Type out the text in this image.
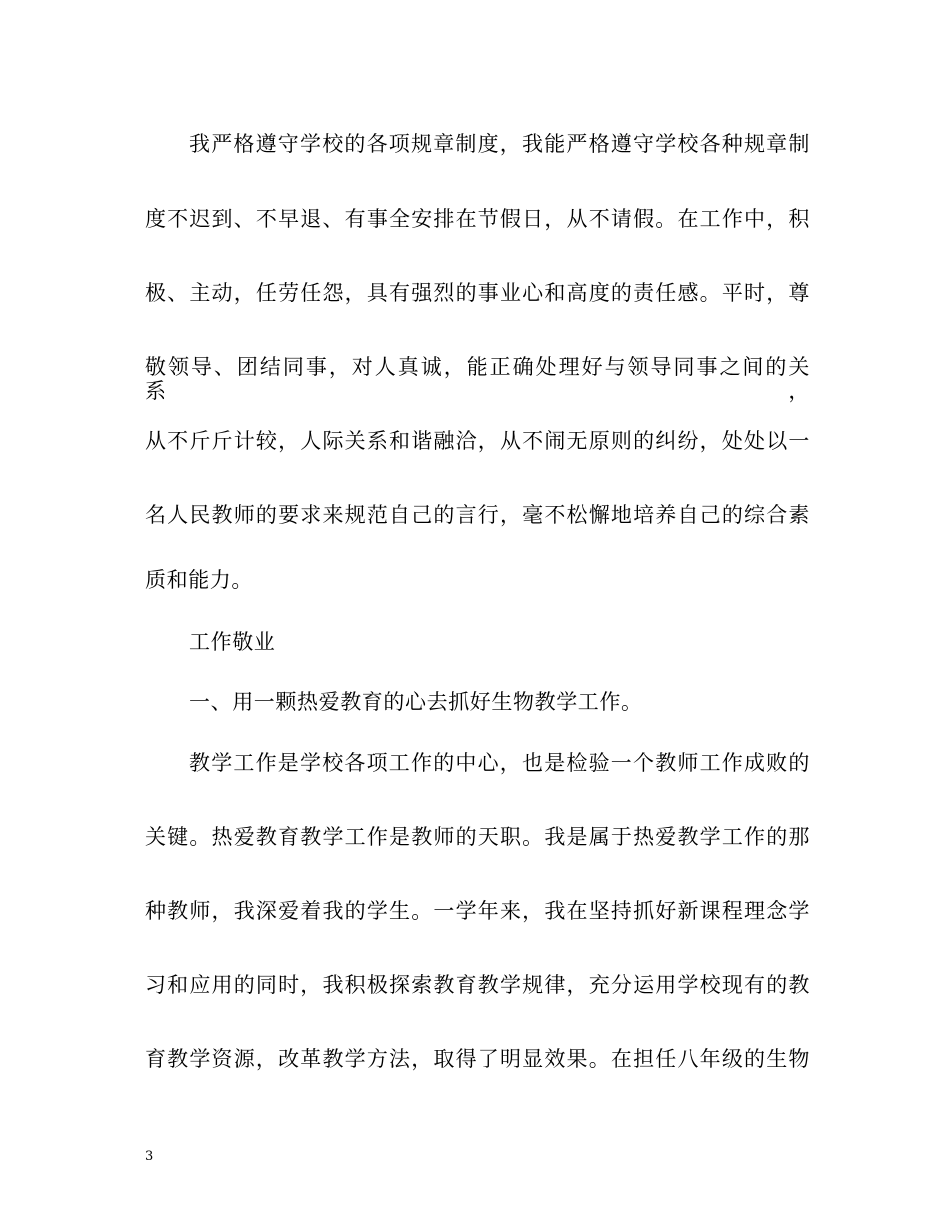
我严格遵守学校的各项规章制度，我能严格遵守学校各种规章制
度不迟到、不早退、有事全安排在节假日，从不请假。在工作中，积
极、主动，任劳任怨，具有强烈的事业心和高度的责任感。平时，尊
敬领导、团结同事，对人真诚，能正确处理好与领导同事之间的关系，
从不斤斤计较，人际关系和谐融洽，从不闹无原则的纠纷，处处以一
名人民教师的要求来规范自己的言行，毫不松懈地培养自己的综合素
质和能力。
工作敬业
一、用一颗热爱教育的心去抓好生物教学工作。
教学工作是学校各项工作的中心，也是检验一个教师工作成败的
关键。热爱教育教学工作是教师的天职。我是属于热爱教学工作的那
种教师，我深爱着我的学生。一学年来，我在坚持抓好新课程理念学
习和应用的同时，我积极探索教育教学规律，充分运用学校现有的教
育教学资源，改革教学方法，取得了明显效果。在担任八年级的生物
3
